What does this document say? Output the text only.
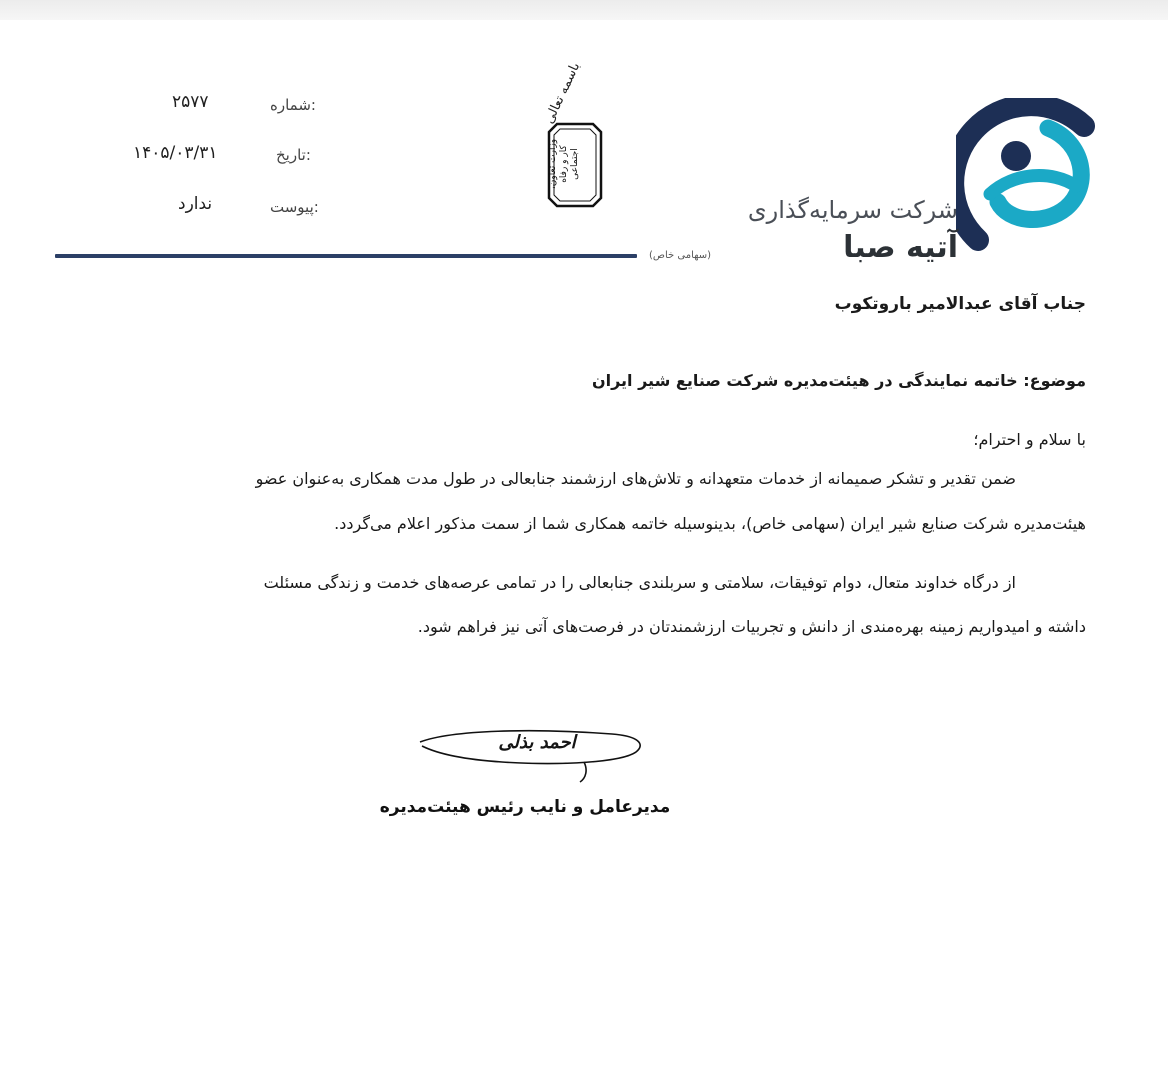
شرکت سرمایه‌گذاری
آتیه صبا
(سهامی خاص)
باسمه تعالی
وزارت تعاون، کار و رفاه اجتماعی
شماره:
۲۵۷۷
تاریخ:
۱۴۰۵/۰۳/۳۱
پیوست:
ندارد
جناب آقای عبدالامیر باروتکوب
موضوع: خاتمه نمایندگی در هیئت‌مدیره شرکت صنایع شیر ایران
با سلام و احترام؛
ضمن تقدیر و تشکر صمیمانه از خدمات متعهدانه و تلاش‌های ارزشمند جنابعالی در طول مدت همکاری به‌عنوان عضو
هیئت‌مدیره شرکت صنایع شیر ایران (سهامی خاص)، بدینوسیله خاتمه همکاری شما از سمت مذکور اعلام می‌گردد.
از درگاه خداوند متعال، دوام توفیقات، سلامتی و سربلندی جنابعالی را در تمامی عرصه‌های خدمت و زندگی مسئلت
داشته و امیدواریم زمینه بهره‌مندی از دانش و تجربیات ارزشمندتان در فرصت‌های آتی نیز فراهم شود.
احمد بذلی
مدیرعامل و نایب رئیس هیئت‌مدیره
